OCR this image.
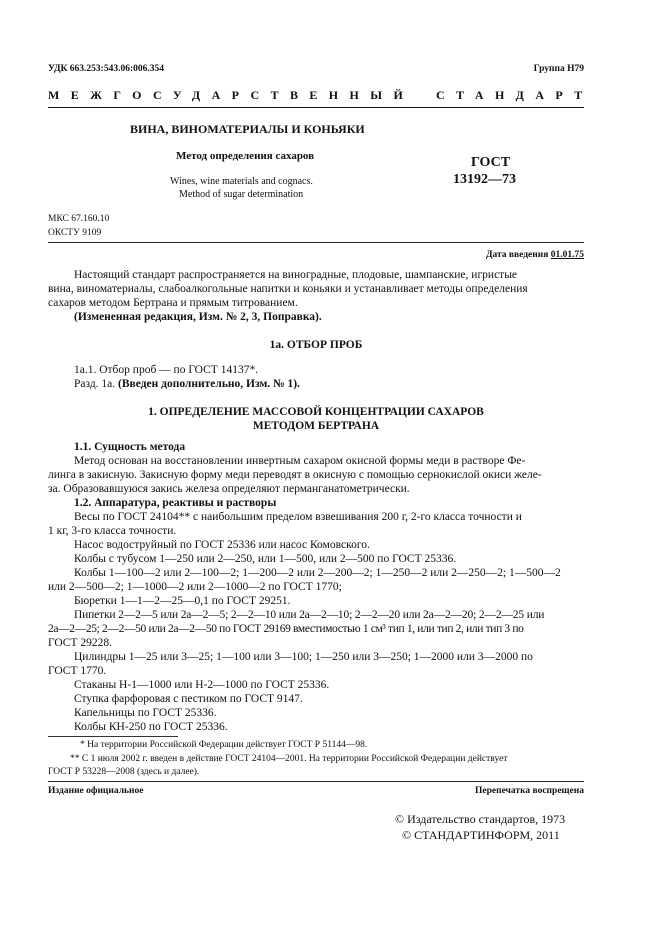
УДК 663.253:543.06:006.354	Группа Н79
МЕЖГОСУДАРСТВЕННЫЙ СТАНДАРТ
ВИНА, ВИНОМАТЕРИАЛЫ И КОНЬЯКИ
Метод определения сахаров
Wines, wine materials and cognacs.
Method of sugar determination
ГОСТ
13192—73
МКС 67.160.10
ОКСТУ 9109
Дата введения 01.01.75
Настоящий стандарт распространяется на виноградные, плодовые, шампанские, игристые
вина, виноматериалы, слабоалкогольные напитки и коньяки и устанавливает методы определения
сахаров методом Бертрана и прямым титрованием.
(Измененная редакция, Изм. № 2, 3, Поправка).
1а. ОТБОР ПРОБ
1а.1. Отбор проб — по ГОСТ 14137*.
Разд. 1а. (Введен дополнительно, Изм. № 1).
1. ОПРЕДЕЛЕНИЕ МАССОВОЙ КОНЦЕНТРАЦИИ САХАРОВ
МЕТОДОМ БЕРТРАНА
1.1. Сущность метода
Метод основан на восстановлении инвертным сахаром окисной формы меди в растворе Фе-
линга в закисную. Закисную форму меди переводят в окисную с помощью сернокислой окиси желе-
за. Образовавшуюся закись железа определяют перманганатометрически.
1.2. Аппаратура, реактивы и растворы
Весы по ГОСТ 24104** с наибольшим пределом взвешивания 200 г, 2-го класса точности и
1 кг, 3-го класса точности.
Насос водоструйный по ГОСТ 25336 или насос Комовского.
Колбы с тубусом 1—250 или 2—250, или 1—500, или 2—500 по ГОСТ 25336.
Колбы 1—100—2 или 2—100—2; 1—200—2 или 2—200—2; 1—250—2 или 2—250—2; 1—500—2
или 2—500—2; 1—1000—2 или 2—1000—2 по ГОСТ 1770;
Бюретки 1—1—2—25—0,1 по ГОСТ 29251.
Пипетки 2—2—5 или 2а—2—5; 2—2—10 или 2а—2—10; 2—2—20 или 2а—2—20; 2—2—25 или
2а—2—25; 2—2—50 или 2а—2—50 по ГОСТ 29169 вместимостью 1 см³ тип 1, или тип 2, или тип 3 по
ГОСТ 29228.
Цилиндры 1—25 или 3—25; 1—100 или 3—100; 1—250 или 3—250; 1—2000 или 3—2000 по
ГОСТ 1770.
Стаканы Н-1—1000 или Н-2—1000 по ГОСТ 25336.
Ступка фарфоровая с пестиком по ГОСТ 9147.
Капельницы по ГОСТ 25336.
Колбы КН-250 по ГОСТ 25336.
* На территории Российской Федерации действует ГОСТ Р 51144—98.
** С 1 июля 2002 г. введен в действие ГОСТ 24104—2001. На территории Российской Федерации действует
ГОСТ Р 53228—2008 (здесь и далее).
Издание официальное	Перепечатка воспрещена
© Издательство стандартов, 1973
© СТАНДАРТИНФОРМ, 2011
